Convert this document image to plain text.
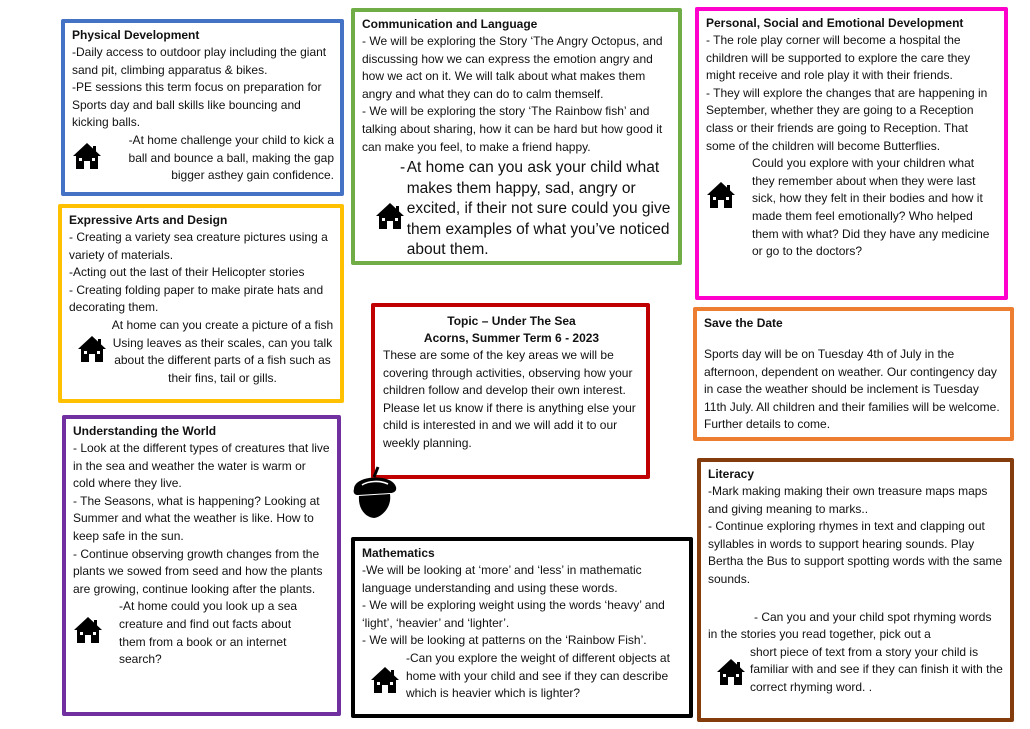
Physical Development

-Daily access to outdoor play including the giant sand pit, climbing apparatus & bikes.

-PE sessions this term focus on preparation for Sports day and ball skills like bouncing and kicking balls.

-At home challenge your child to kick a ball and bounce a ball, making the gap bigger asthey gain confidence.

Communication and Language

- We will be exploring the Story ‘The Angry Octopus, and discussing how we can express the emotion angry and how we act on it. We will talk about what makes them angry and what they can do to calm themself.

- We will be exploring the story ‘The Rainbow fish’ and talking about sharing, how it can be hard but how good it can make you feel, to make a friend happy.

- At home can you ask your child what makes them happy, sad, angry or excited, if their not sure could you give them examples of what you’ve noticed about them.

Personal, Social and Emotional Development

- The role play corner will become a hospital the children will be supported to explore the care they might receive and role play it with their friends.

- They will explore the changes that are happening in September, whether they are going to a Reception class or their friends are going to Reception. That some of the children will become Butterflies.

Could you explore with your children what they remember about when they were last sick, how they felt in their bodies and how it made them feel emotionally? Who helped them with what? Did they have any medicine or go to the doctors?

Expressive Arts and Design

- Creating a variety sea creature pictures using a variety of materials.

-Acting out the last of their Helicopter stories

- Creating folding paper to make pirate hats and decorating them.

At home can you create a picture of a fish Using leaves as their scales, can you talk about the different parts of a fish such as their fins, tail or gills.

Topic – Under The Sea
Acorns, Summer Term 6 - 2023

These are some of the key areas we will be covering through activities, observing how your children follow and develop their own interest. Please let us know if there is anything else your child is interested in and we will add it to our weekly planning.

Save the Date

Sports day will be on Tuesday 4th of July in the afternoon, dependent on weather. Our contingency day in case the weather should be inclement is Tuesday 11th July. All children and their families will be welcome. Further details to come.

Understanding the World

- Look at the different types of creatures that live in the sea and weather the water is warm or cold where they live.

- The Seasons, what is happening? Looking at Summer and what the weather is like. How to keep safe in the sun.

- Continue observing growth changes from the plants we sowed from seed and how the plants are growing, continue looking after the plants.

-At home could you look up a sea creature and find out facts about them from a book or an internet search?

Mathematics

-We will be looking at ‘more’ and ‘less’ in mathematic language understanding and using these words.

- We will be exploring weight using the words ‘heavy’ and ‘light’, ‘heavier’ and ‘lighter’.

- We will be looking at patterns on the ‘Rainbow Fish’.

-Can you explore the weight of different objects at home with your child and see if they can describe which is heavier which is lighter?

Literacy

-Mark making making their own treasure maps maps and giving meaning to marks..

- Continue exploring rhymes in text and clapping out syllables in words to support hearing sounds. Play Bertha the Bus to support spotting words with the same sounds.

- Can you and your child spot rhyming words in the stories you read together, pick out a

short piece of text from a story your child is familiar with and see if they can finish it with the correct rhyming word. .
